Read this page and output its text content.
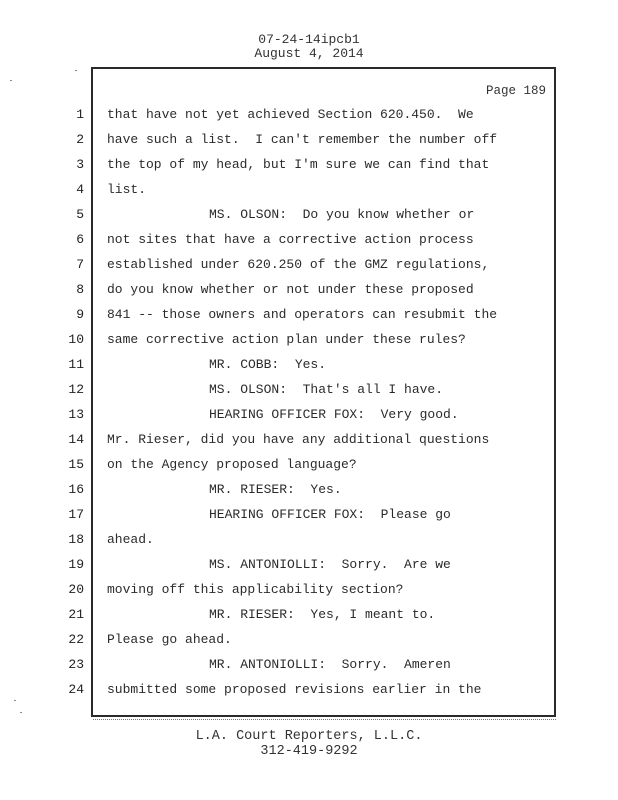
07-24-14ipcb1
August 4, 2014
Page 189
1 that have not yet achieved Section 620.450.  We
2 have such a list.  I can't remember the number off
3 the top of my head, but I'm sure we can find that
4 list.
5	MS. OLSON:  Do you know whether or
6 not sites that have a corrective action process
7 established under 620.250 of the GMZ regulations,
8 do you know whether or not under these proposed
9 841 -- those owners and operators can resubmit the
10 same corrective action plan under these rules?
11	MR. COBB:  Yes.
12	MS. OLSON:  That's all I have.
13	HEARING OFFICER FOX:  Very good.
14 Mr. Rieser, did you have any additional questions
15 on the Agency proposed language?
16	MR. RIESER:  Yes.
17	HEARING OFFICER FOX:  Please go
18 ahead.
19	MS. ANTONIOLLI:  Sorry.  Are we
20 moving off this applicability section?
21	MR. RIESER:  Yes, I meant to.
22 Please go ahead.
23	MR. ANTONIOLLI:  Sorry.  Ameren
24 submitted some proposed revisions earlier in the
L.A. Court Reporters, L.L.C.
312-419-9292
